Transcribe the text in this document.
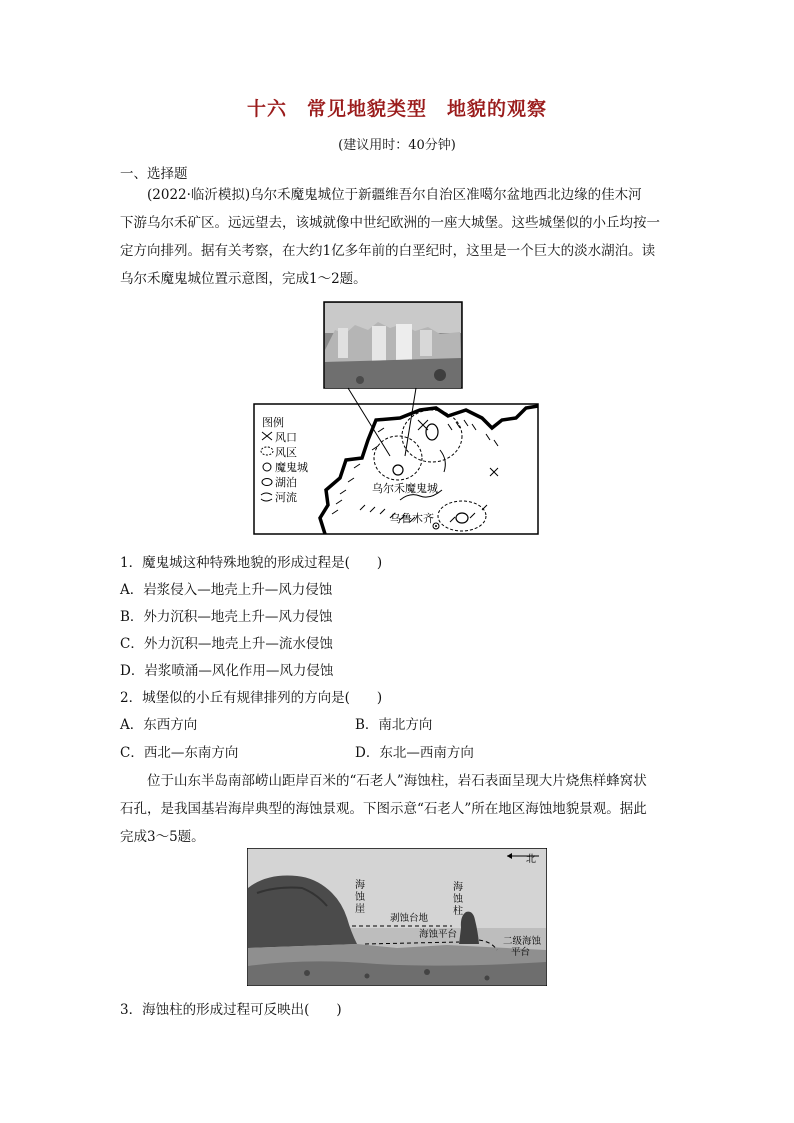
十六　常见地貌类型　地貌的观察
(建议用时：40分钟)
一、选择题
(2022·临沂模拟)乌尔禾魔鬼城位于新疆维吾尔自治区准噶尔盆地西北边缘的佳木河
下游乌尔禾矿区。远远望去，该城就像中世纪欧洲的一座大城堡。这些城堡似的小丘均按一
定方向排列。据有关考察，在大约1亿多年前的白垩纪时，这里是一个巨大的淡水湖泊。读
乌尔禾魔鬼城位置示意图，完成1～2题。
乌尔禾魔鬼城
乌鲁木齐
图例
风口
风区
魔鬼城
湖泊
河流
1．魔鬼城这种特殊地貌的形成过程是(　　)
A．岩浆侵入—地壳上升—风力侵蚀
B．外力沉积—地壳上升—风力侵蚀
C．外力沉积—地壳上升—流水侵蚀
D．岩浆喷涌—风化作用—风力侵蚀
2．城堡似的小丘有规律排列的方向是(　　)
A．东西方向	B．南北方向
C．西北—东南方向	D．东北—西南方向
位于山东半岛南部崂山距岸百米的“石老人”海蚀柱，岩石表面呈现大片烧焦样蜂窝状
石孔，是我国基岩海岸典型的海蚀景观。下图示意“石老人”所在地区海蚀地貌景观。据此
完成3～5题。
北
海蚀崖
海蚀柱
剥蚀台地
海蚀平台
二级海蚀平台
3．海蚀柱的形成过程可反映出(　　)
